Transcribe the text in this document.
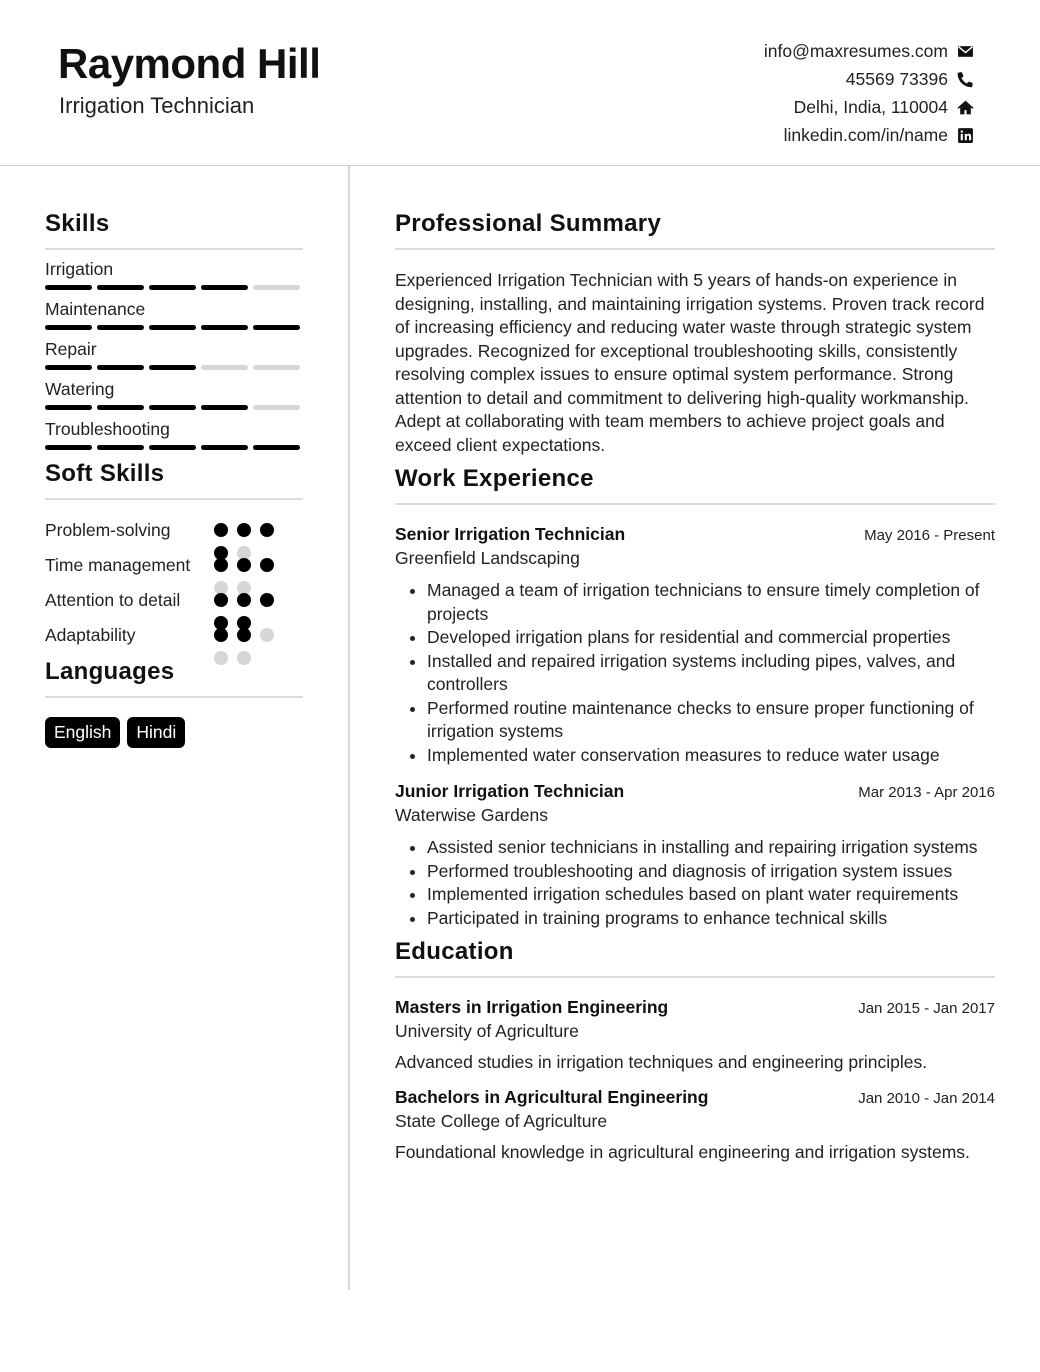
Raymond Hill
Irrigation Technician
info@maxresumes.com
45569 73396
Delhi, India, 110004
linkedin.com/in/name
Skills
Irrigation
Maintenance
Repair
Watering
Troubleshooting
Soft Skills
Problem-solving
Time management
Attention to detail
Adaptability
Languages
English	Hindi
Professional Summary
Experienced Irrigation Technician with 5 years of hands-on experience in designing, installing, and maintaining irrigation systems. Proven track record of increasing efficiency and reducing water waste through strategic system upgrades. Recognized for exceptional troubleshooting skills, consistently resolving complex issues to ensure optimal system performance. Strong attention to detail and commitment to delivering high-quality workmanship. Adept at collaborating with team members to achieve project goals and exceed client expectations.
Work Experience
Senior Irrigation Technician	May 2016 - Present
Greenfield Landscaping
• Managed a team of irrigation technicians to ensure timely completion of projects
• Developed irrigation plans for residential and commercial properties
• Installed and repaired irrigation systems including pipes, valves, and controllers
• Performed routine maintenance checks to ensure proper functioning of irrigation systems
• Implemented water conservation measures to reduce water usage
Junior Irrigation Technician	Mar 2013 - Apr 2016
Waterwise Gardens
• Assisted senior technicians in installing and repairing irrigation systems
• Performed troubleshooting and diagnosis of irrigation system issues
• Implemented irrigation schedules based on plant water requirements
• Participated in training programs to enhance technical skills
Education
Masters in Irrigation Engineering	Jan 2015 - Jan 2017
University of Agriculture
Advanced studies in irrigation techniques and engineering principles.
Bachelors in Agricultural Engineering	Jan 2010 - Jan 2014
State College of Agriculture
Foundational knowledge in agricultural engineering and irrigation systems.
